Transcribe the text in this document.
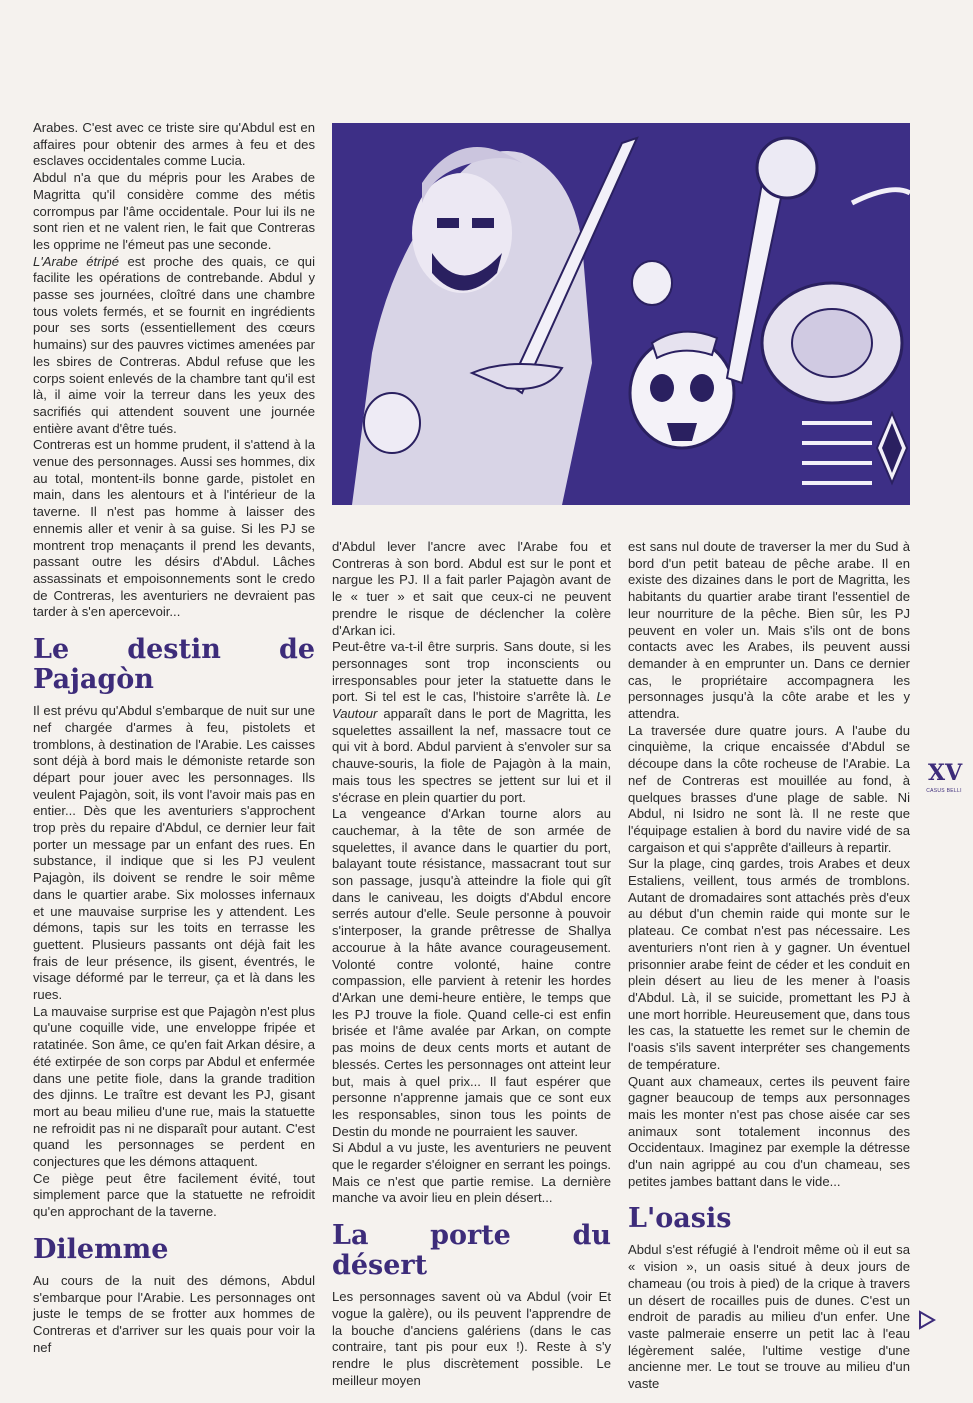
Arabes. C'est avec ce triste sire qu'Abdul est en affaires pour obtenir des armes à feu et des esclaves occidentales comme Lucia.

Abdul n'a que du mépris pour les Arabes de Magritta qu'il considère comme des métis corrompus par l'âme occidentale. Pour lui ils ne sont rien et ne valent rien, le fait que Contreras les opprime ne l'émeut pas une seconde.

L'Arabe étripé est proche des quais, ce qui facilite les opérations de contrebande. Abdul y passe ses journées, cloîtré dans une chambre tous volets fermés, et se fournit en ingrédients pour ses sorts (essentiellement des cœurs humains) sur des pauvres victimes amenées par les sbires de Contreras. Abdul refuse que les corps soient enlevés de la chambre tant qu'il est là, il aime voir la terreur dans les yeux des sacrifiés qui attendent souvent une journée entière avant d'être tués.

Contreras est un homme prudent, il s'attend à la venue des personnages. Aussi ses hommes, dix au total, montent-ils bonne garde, pistolet en main, dans les alentours et à l'intérieur de la taverne. Il n'est pas homme à laisser des ennemis aller et venir à sa guise. Si les PJ se montrent trop menaçants il prend les devants, passant outre les désirs d'Abdul. Lâches assassinats et empoisonnements sont le credo de Contreras, les aventuriers ne devraient pas tarder à s'en apercevoir...

Le destin de Pajagòn

Il est prévu qu'Abdul s'embarque de nuit sur une nef chargée d'armes à feu, pistolets et tromblons, à destination de l'Arabie. Les caisses sont déjà à bord mais le démoniste retarde son départ pour jouer avec les personnages. Ils veulent Pajagòn, soit, ils vont l'avoir mais pas en entier... Dès que les aventuriers s'approchent trop près du repaire d'Abdul, ce dernier leur fait porter un message par un enfant des rues. En substance, il indique que si les PJ veulent Pajagòn, ils doivent se rendre le soir même dans le quartier arabe. Six molosses infernaux et une mauvaise surprise les y attendent. Les démons, tapis sur les toits en terrasse les guettent. Plusieurs passants ont déjà fait les frais de leur présence, ils gisent, éventrés, le visage déformé par le terreur, ça et là dans les rues.

La mauvaise surprise est que Pajagòn n'est plus qu'une coquille vide, une enveloppe fripée et ratatinée. Son âme, ce qu'en fait Arkan désire, a été extirpée de son corps par Abdul et enfermée dans une petite fiole, dans la grande tradition des djinns. Le traître est devant les PJ, gisant mort au beau milieu d'une rue, mais la statuette ne refroidit pas ni ne disparaît pour autant. C'est quand les personnages se perdent en conjectures que les démons attaquent.

Ce piège peut être facilement évité, tout simplement parce que la statuette ne refroidit qu'en approchant de la taverne.

Dilemme

Au cours de la nuit des démons, Abdul s'embarque pour l'Arabie. Les personnages ont juste le temps de se frotter aux hommes de Contreras et d'arriver sur les quais pour voir la nef

d'Abdul lever l'ancre avec l'Arabe fou et Contreras à son bord. Abdul est sur le pont et nargue les PJ. Il a fait parler Pajagòn avant de le « tuer » et sait que ceux-ci ne peuvent prendre le risque de déclencher la colère d'Arkan ici.

Peut-être va-t-il être surpris. Sans doute, si les personnages sont trop inconscients ou irresponsables pour jeter la statuette dans le port. Si tel est le cas, l'histoire s'arrête là. Le Vautour apparaît dans le port de Magritta, les squelettes assaillent la nef, massacre tout ce qui vit à bord. Abdul parvient à s'envoler sur sa chauve-souris, la fiole de Pajagòn à la main, mais tous les spectres se jettent sur lui et il s'écrase en plein quartier du port.

La vengeance d'Arkan tourne alors au cauchemar, à la tête de son armée de squelettes, il avance dans le quartier du port, balayant toute résistance, massacrant tout sur son passage, jusqu'à atteindre la fiole qui gît dans le caniveau, les doigts d'Abdul encore serrés autour d'elle. Seule personne à pouvoir s'interposer, la grande prêtresse de Shallya accourue à la hâte avance courageusement. Volonté contre volonté, haine contre compassion, elle parvient à retenir les hordes d'Arkan une demi-heure entière, le temps que les PJ trouve la fiole. Quand celle-ci est enfin brisée et l'âme avalée par Arkan, on compte pas moins de deux cents morts et autant de blessés. Certes les personnages ont atteint leur but, mais à quel prix... Il faut espérer que personne n'apprenne jamais que ce sont eux les responsables, sinon tous les points de Destin du monde ne pourraient les sauver.

Si Abdul a vu juste, les aventuriers ne peuvent que le regarder s'éloigner en serrant les poings. Mais ce n'est que partie remise. La dernière manche va avoir lieu en plein désert...

La porte du désert

Les personnages savent où va Abdul (voir Et vogue la galère), ou ils peuvent l'apprendre de la bouche d'anciens galériens (dans le cas contraire, tant pis pour eux !). Reste à s'y rendre le plus discrètement possible. Le meilleur moyen

est sans nul doute de traverser la mer du Sud à bord d'un petit bateau de pêche arabe. Il en existe des dizaines dans le port de Magritta, les habitants du quartier arabe tirant l'essentiel de leur nourriture de la pêche. Bien sûr, les PJ peuvent en voler un. Mais s'ils ont de bons contacts avec les Arabes, ils peuvent aussi demander à en emprunter un. Dans ce dernier cas, le propriétaire accompagnera les personnages jusqu'à la côte arabe et les y attendra.

La traversée dure quatre jours. A l'aube du cinquième, la crique encaissée d'Abdul se découpe dans la côte rocheuse de l'Arabie. La nef de Contreras est mouillée au fond, à quelques brasses d'une plage de sable. Ni Abdul, ni Isidro ne sont là. Il ne reste que l'équipage estalien à bord du navire vidé de sa cargaison et qui s'apprête d'ailleurs à repartir.

Sur la plage, cinq gardes, trois Arabes et deux Estaliens, veillent, tous armés de tromblons. Autant de dromadaires sont attachés près d'eux au début d'un chemin raide qui monte sur le plateau. Ce combat n'est pas nécessaire. Les aventuriers n'ont rien à y gagner. Un éventuel prisonnier arabe feint de céder et les conduit en plein désert au lieu de les mener à l'oasis d'Abdul. Là, il se suicide, promettant les PJ à une mort horrible. Heureusement que, dans tous les cas, la statuette les remet sur le chemin de l'oasis s'ils savent interpréter ses changements de température.

Quant aux chameaux, certes ils peuvent faire gagner beaucoup de temps aux personnages mais les monter n'est pas chose aisée car ses animaux sont totalement inconnus des Occidentaux. Imaginez par exemple la détresse d'un nain agrippé au cou d'un chameau, ses petites jambes battant dans le vide...

L'oasis

Abdul s'est réfugié à l'endroit même où il eut sa « vision », un oasis situé à deux jours de chameau (ou trois à pied) de la crique à travers un désert de rocailles puis de dunes. C'est un endroit de paradis au milieu d'un enfer. Une vaste palmeraie enserre un petit lac à l'eau légèrement salée, l'ultime vestige d'une ancienne mer. Le tout se trouve au milieu d'un vaste

XV
CASUS BELLI
